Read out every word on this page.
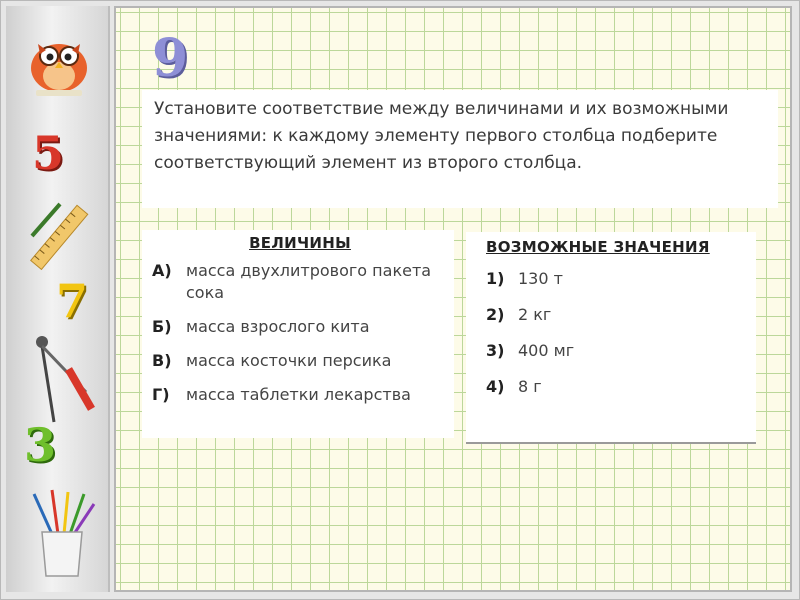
5
7
3
9
Установите соответствие между величинами и их возможными значениями: к каждому элементу первого столбца подберите соответствующий элемент из второго столбца.
ВЕЛИЧИНЫ
А) масса двухлитрового пакета сока
Б) масса взрослого кита
В) масса косточки персика
Г)	масса таблетки лекарства
ВОЗМОЖНЫЕ ЗНАЧЕНИЯ
1) 130 т
2) 2 кг
3) 400 мг
4) 8 г
